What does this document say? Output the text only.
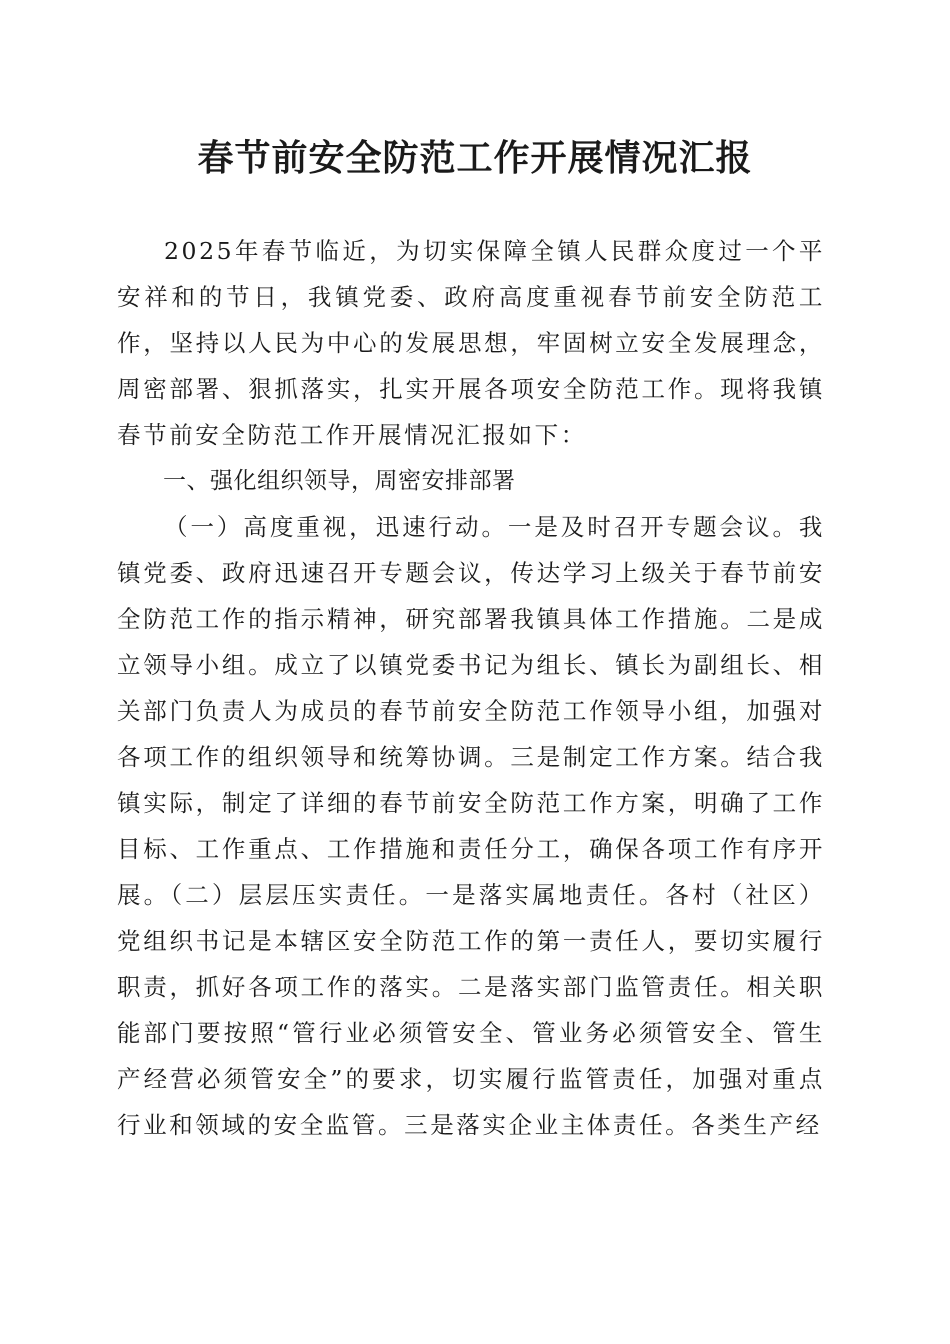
春节前安全防范工作开展情况汇报

2025年春节临近，为切实保障全镇人民群众度过一个平安祥和的节日，我镇党委、政府高度重视春节前安全防范工作，坚持以人民为中心的发展思想，牢固树立安全发展理念，周密部署、狠抓落实，扎实开展各项安全防范工作。现将我镇春节前安全防范工作开展情况汇报如下：

一、强化组织领导，周密安排部署

（一）高度重视，迅速行动。一是及时召开专题会议。我镇党委、政府迅速召开专题会议，传达学习上级关于春节前安全防范工作的指示精神，研究部署我镇具体工作措施。二是成立领导小组。成立了以镇党委书记为组长、镇长为副组长、相关部门负责人为成员的春节前安全防范工作领导小组，加强对各项工作的组织领导和统筹协调。三是制定工作方案。结合我镇实际，制定了详细的春节前安全防范工作方案，明确了工作目标、工作重点、工作措施和责任分工，确保各项工作有序开展。（二）层层压实责任。一是落实属地责任。各村（社区）党组织书记是本辖区安全防范工作的第一责任人，要切实履行职责，抓好各项工作的落实。二是落实部门监管责任。相关职能部门要按照“管行业必须管安全、管业务必须管安全、管生产经营必须管安全”的要求，切实履行监管责任，加强对重点行业和领域的安全监管。三是落实企业主体责任。各类生产经
